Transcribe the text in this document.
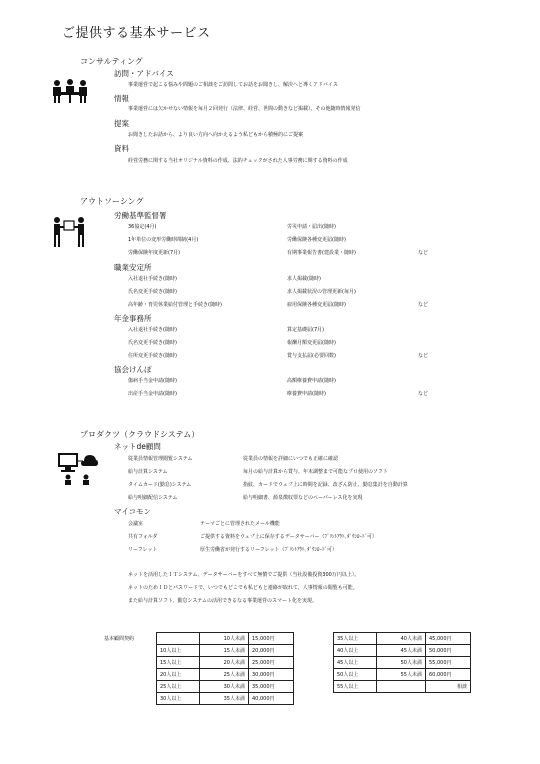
ご提供する基本サービス
コンサルティング
訪問・アドバイス
事業運営で起こる悩みや問題のご相談をご訪問してお話をお聞きし、解決へと導くアドバイス
情報
事業運営には欠かせない情報を毎月２回発行（法律、経営、世間の動きなど掲載）、その他随時情報発信
提案
お聞きしたお話から、より良い方向へ向かえるよう私どもから積極的にご提案
資料
経営労務に関する当社オリジナル資料の作成、法的チェックがされた人事労務に関する資料の作成
アウトソーシング
労働基準監督署
36協定(4月)	労災申請・届出(随時)
1年単位の変形労働時間制(4月)	労働保険各種変更届(随時)
労働保険年度更新(7月)	有期事業報告書(建設業・随時)	など
職業安定所
入社退社手続き(随時)	求人掲載(随時)
氏名変更手続き(随時)	求人掲載状況の管理更新(毎月)
高年齢・育児休業給付管理と手続き(随時)	雇用保険各種変更届(随時)	など
年金事務所
入社退社手続き(随時)	算定基礎届(7月)
氏名変更手続き(随時)	報酬月額変更届(随時)
住所変更手続き(随時)	賞与支払届(必要回数)	など
協会けんぽ
傷病手当金申請(随時)	高額療養費申請(随時)
出産手当金申請(随時)	療養費申請(随時)	など
プロダクツ（クラウドシステム）
ネットde顧問
従業員情報管理閲覧システム	従業員の情報を詳細にいつでも正確に確認
給与計算システム	毎月の給与計算から賞与、年末調整まで可能なプロ使用のソフト
タイムカード(勤怠)システム	指紋、カードでウェブ上に時間を記録、改ざん防止、勤怠集計を自動計算
給与明細配信システム	給与明細書、源泉徴収票などのペーパーレス化を実現
マイコモン
会議室	テーマごとに管理されたメール機能
共有フォルダ	ご提供する資料をウェブ上に保存するデータサーバー（ﾌﾟﾘﾝﾄｱｳﾄ､ﾀﾞｳﾝﾛｰﾄﾞ可）
リーフレット	厚生労働省が発行するリーフレット（ﾌﾟﾘﾝﾄｱｳﾄ､ﾀﾞｳﾝﾛｰﾄﾞ可）
ネットを活用したＩＴシステム、データサーバーをすべて無償でご提供（当社設備投資300万円以上）。
ネットのためＩＤとパスワードで、いつでもどこでも私どもと連絡が取れて、人事情報の閲覧も可能。
また給与計算ソフト、勤怠システムの活用できるなる事業運営のスマート化を実現。
基本顧問契約
		10人未満	15,000円
10人以上	15人未満	20,000円
15人以上	20人未満	25,000円
20人以上	25人未満	30,000円
25人以上	30人未満	35,000円
30人以上	35人未満	40,000円
35人以上	40人未満	45,000円
40人以上	45人未満	50,000円
45人以上	50人未満	55,000円
50人以上	55人未満	60,000円
55人以上		相談
